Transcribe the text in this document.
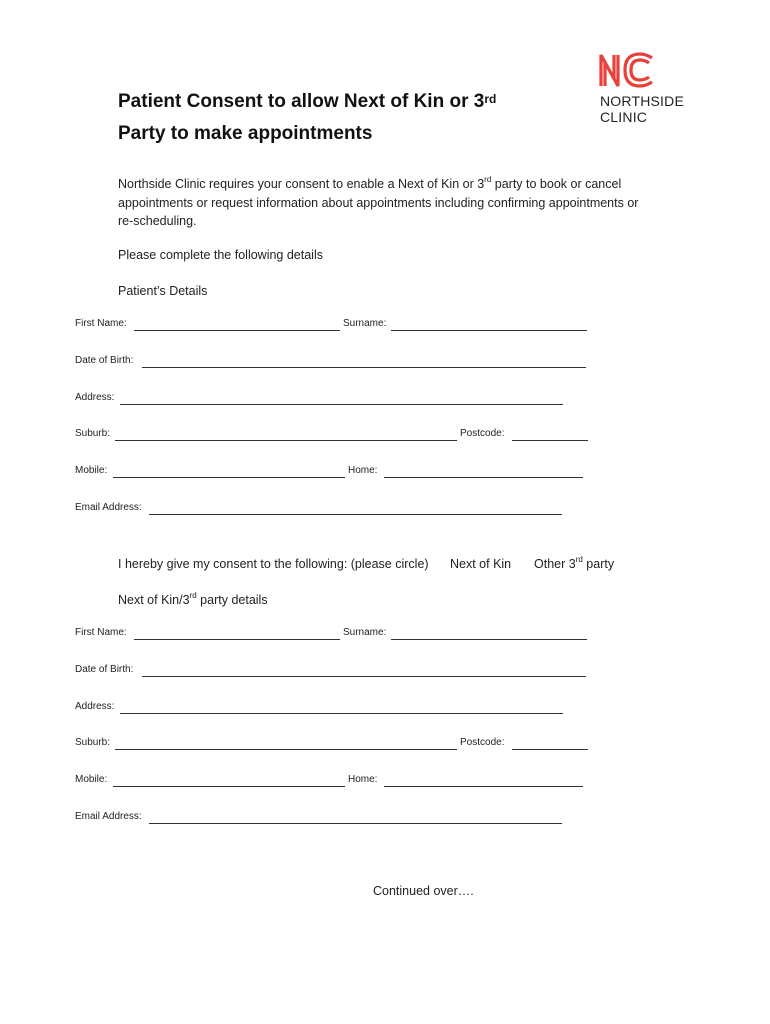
Patient Consent to allow Next of Kin or 3rd
Party to make appointments
NORTHSIDE
CLINIC
Northside Clinic requires your consent to enable a Next of Kin or 3rd party to book or cancel appointments or request information about appointments including confirming appointments or re-scheduling.
Please complete the following details
Patient’s Details
First Name:	Surname:
Date of Birth:
Address:
Suburb:	Postcode:
Mobile:	Home:
Email Address:
I hereby give my consent to the following: (please circle) Next of Kin Other 3rd party
Next of Kin/3rd party details
First Name:	Surname:
Date of Birth:
Address:
Suburb:	Postcode:
Mobile:	Home:
Email Address:
Continued over….
